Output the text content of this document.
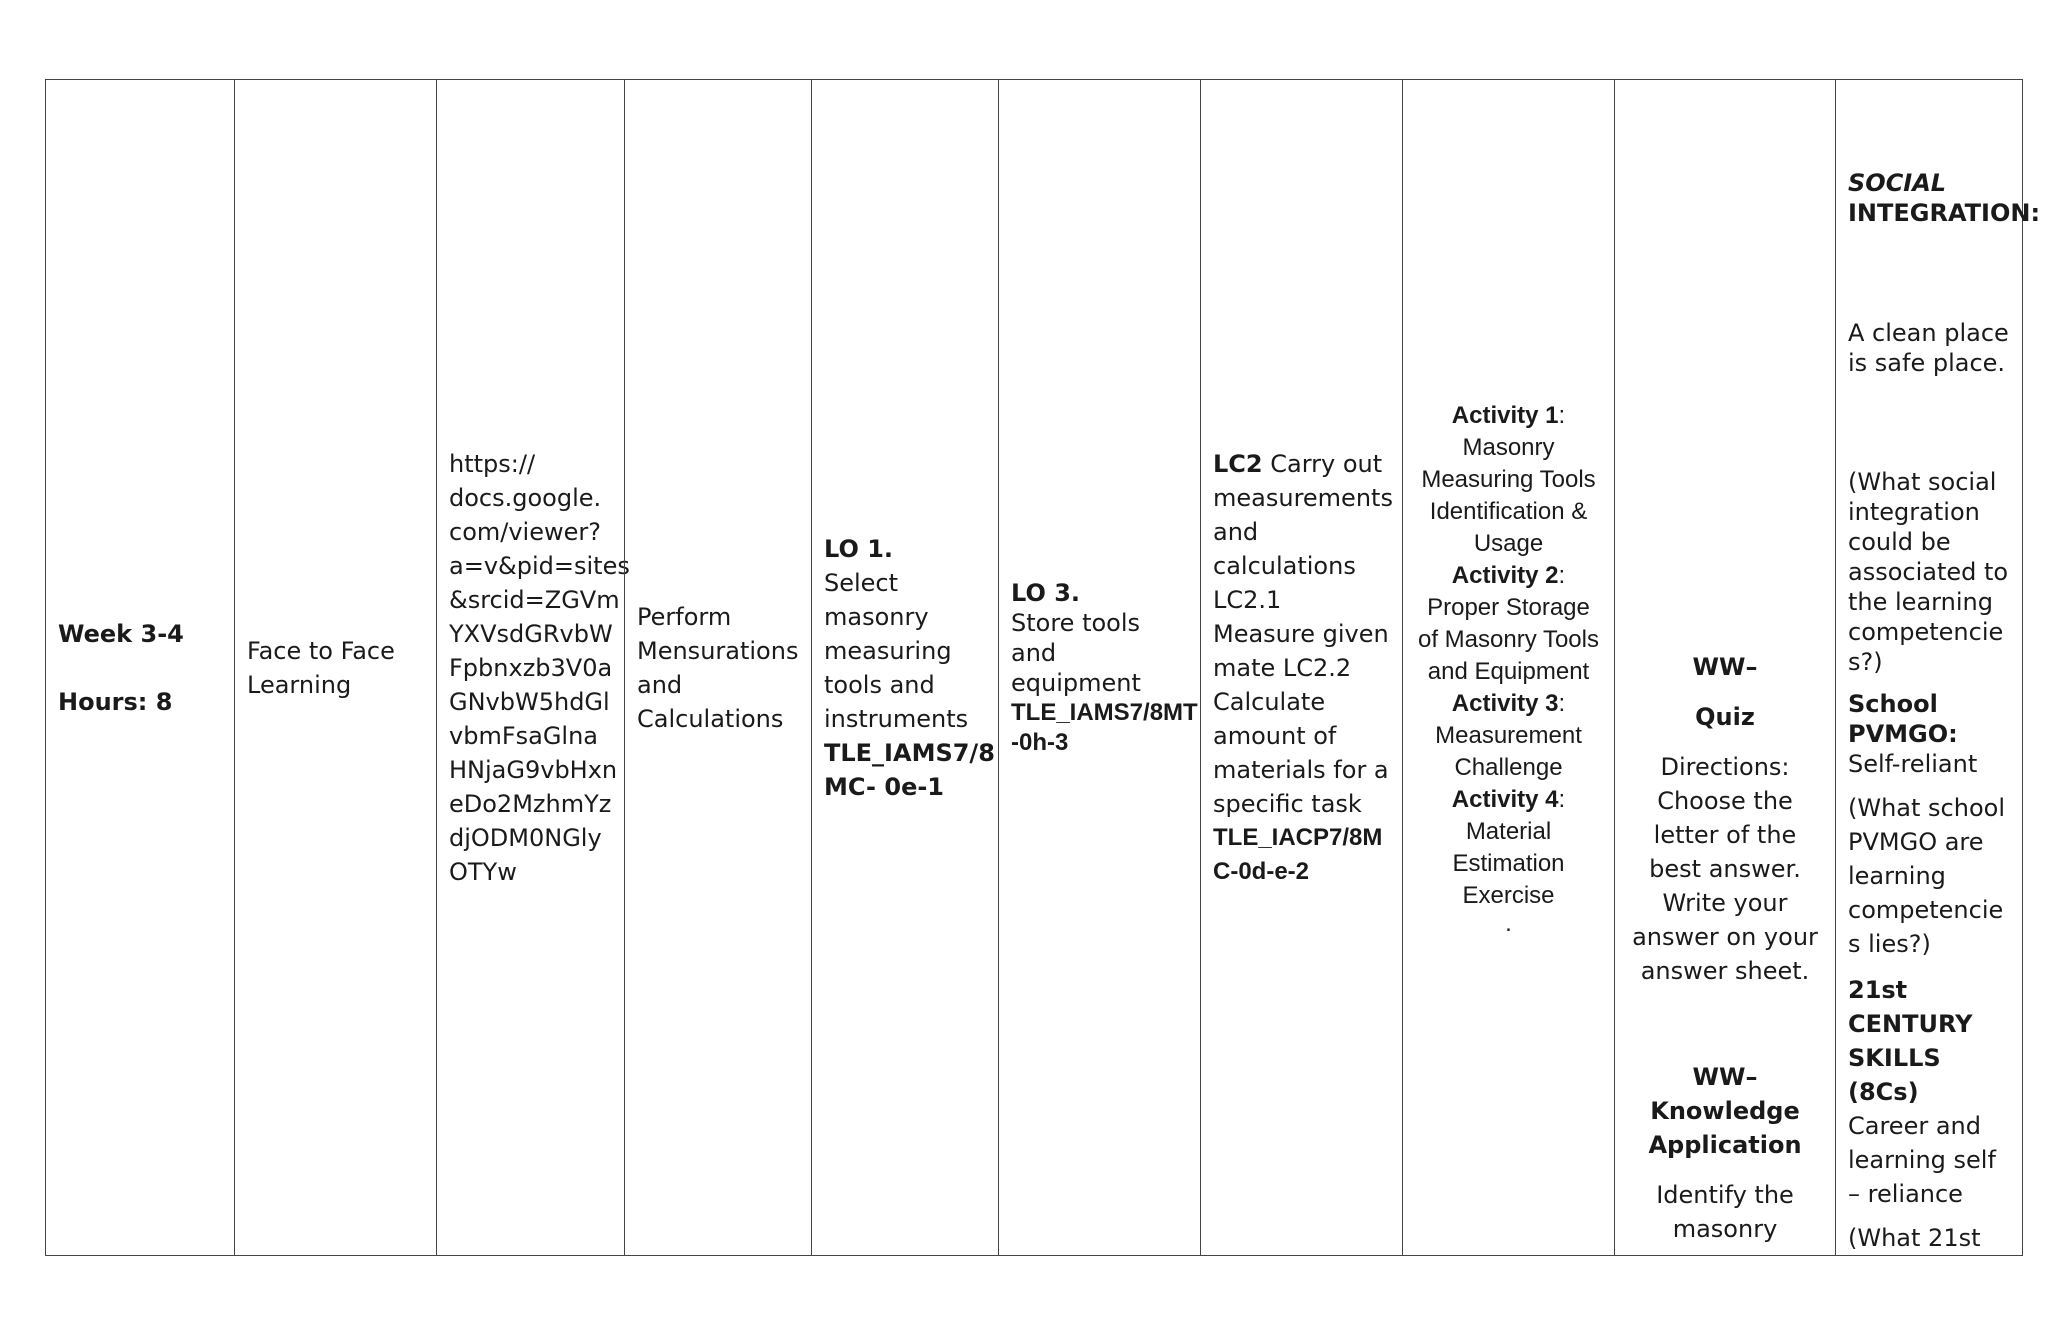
Week 3-4

Hours: 8

Face to Face Learning

https://

docs.google.

com/viewer?

a=v&pid=sites

&srcid=ZGVm

YXVsdGRvbW

Fpbnxzb3V0a

GNvbW5hdGl

vbmFsaGlna

HNjaG9vbHxn

eDo2MzhmYz

djODM0NGly

OTYw

Perform Mensurations and Calculations

LO 1.

Select masonry measuring tools and instruments

TLE_IAMS7/8

MC- 0e-1

LO 3.

Store tools and equipment

TLE_IAMS7/8MT

-0h-3

LC2 Carry out measurements and calculations LC2.1 Measure given mate LC2.2 Calculate amount of materials for a specific task

TLE_IACP7/8M

C-0d-e-2

Activity 1:
Masonry Measuring Tools Identification & Usage

Activity 2:
Proper Storage of Masonry Tools and Equipment

Activity 3:
Measurement Challenge

Activity 4:
Material Estimation Exercise

.

WW–

Quiz

Directions: Choose the letter of the best answer. Write your answer on your answer sheet.

WW– Knowledge Application

Identify the masonry

SOCIAL

INTEGRATION:

A clean place is safe place.

(What social integration could be associated to the learning competencie s?)

School PVMGO:

Self-reliant

(What school PVMGO are learning competencie s lies?)

21st CENTURY SKILLS (8Cs)

Career and learning self – reliance

(What 21st
